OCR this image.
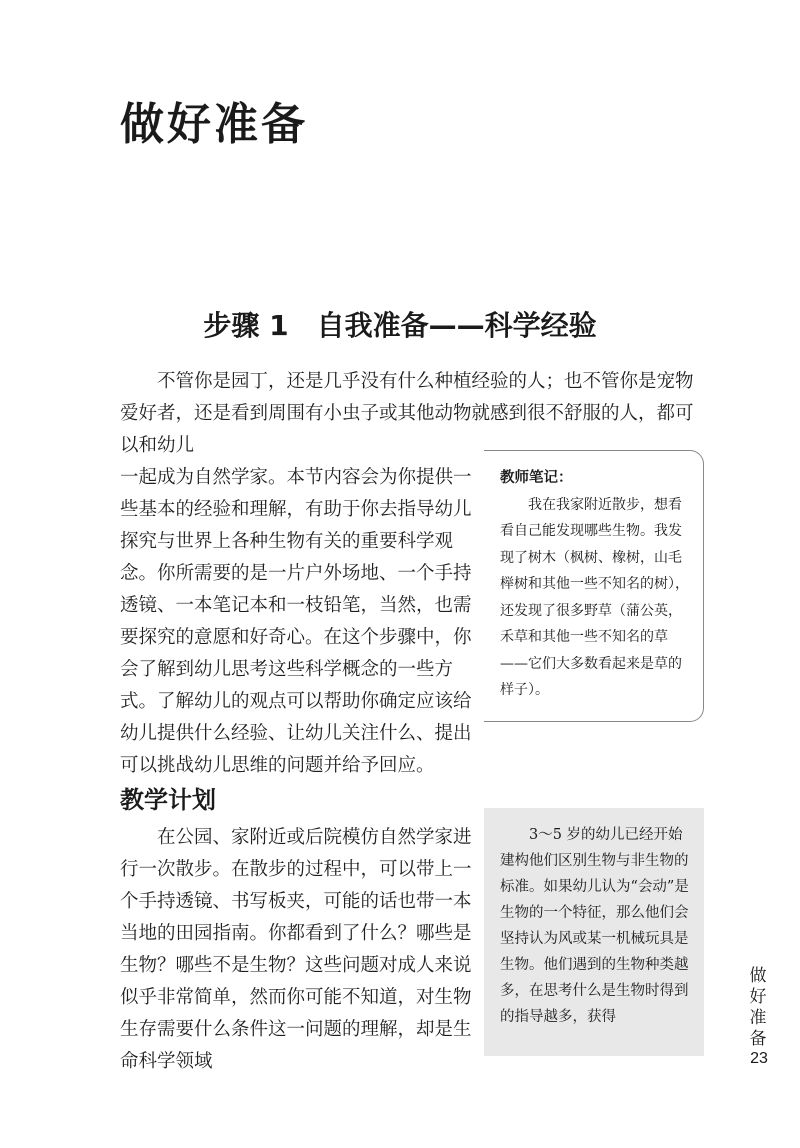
做好准备
步骤 1　自我准备——科学经验

不管你是园丁，还是几乎没有什么种植经验的人；也不管你是宠物爱好者，还是看到周围有小虫子或其他动物就感到很不舒服的人，都可以和幼儿

一起成为自然学家。本节内容会为你提供一些基本的经验和理解，有助于你去指导幼儿探究与世界上各种生物有关的重要科学观念。你所需要的是一片户外场地、一个手持透镜、一本笔记本和一枝铅笔，当然，也需要探究的意愿和好奇心。在这个步骤中，你会了解到幼儿思考这些科学概念的一些方式。了解幼儿的观点可以帮助你确定应该给幼儿提供什么经验、让幼儿关注什么、提出可以挑战幼儿思维的问题并给予回应。

教师笔记：

我在我家附近散步，想看看自己能发现哪些生物。我发现了树木（枫树、橡树，山毛榉树和其他一些不知名的树），还发现了很多野草（蒲公英，禾草和其他一些不知名的草——它们大多数看起来是草的样子）。

教学计划

在公园、家附近或后院模仿自然学家进行一次散步。在散步的过程中，可以带上一个手持透镜、书写板夹，可能的话也带一本当地的田园指南。你都看到了什么？哪些是生物？哪些不是生物？这些问题对成人来说似乎非常简单，然而你可能不知道，对生物生存需要什么条件这一问题的理解，却是生命科学领域

3～5 岁的幼儿已经开始建构他们区别生物与非生物的标准。如果幼儿认为“会动”是生物的一个特征，那么他们会坚持认为风或某一机械玩具是生物。他们遇到的生物种类越多，在思考什么是生物时得到的指导越多，获得

做好准备

23
